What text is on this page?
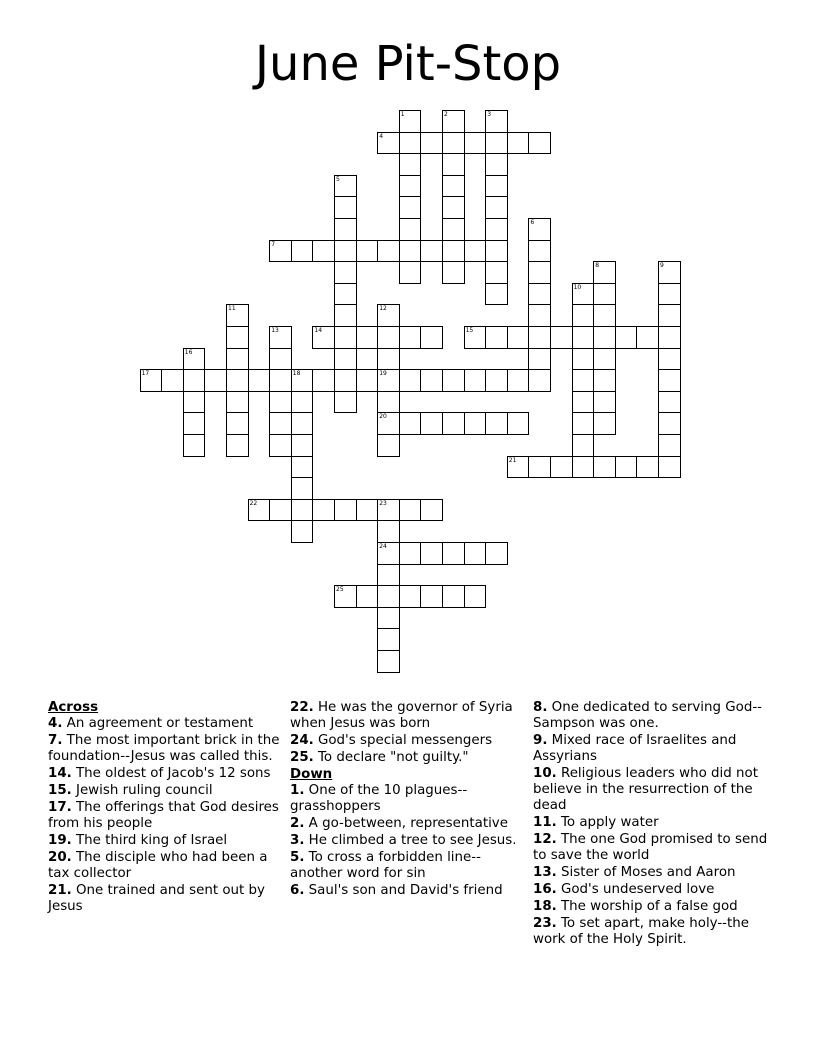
June Pit-Stop
1	2	3
4
5
6
7
8	9
10
11	12
19
20
13	14	15
16
17	18
21
22	23
24
25
Across
4. An agreement or testament
7. The most important brick in the foundation--Jesus was called this.
14. The oldest of Jacob's 12 sons
15. Jewish ruling council
17. The offerings that God desires from his people
19. The third king of Israel
20. The disciple who had been a tax collector
21. One trained and sent out by Jesus
22. He was the governor of Syria when Jesus was born
24. God's special messengers
25. To declare "not guilty."
Down
1. One of the 10 plagues--grasshoppers
2. A go-between, representative
3. He climbed a tree to see Jesus.
5. To cross a forbidden line--another word for sin
6. Saul's son and David's friend
8. One dedicated to serving God--Sampson was one.
9. Mixed race of Israelites and Assyrians
10. Religious leaders who did not believe in the resurrection of the dead
11. To apply water
12. The one God promised to send to save the world
13. Sister of Moses and Aaron
16. God's undeserved love
18. The worship of a false god
23. To set apart, make holy--the work of the Holy Spirit.
